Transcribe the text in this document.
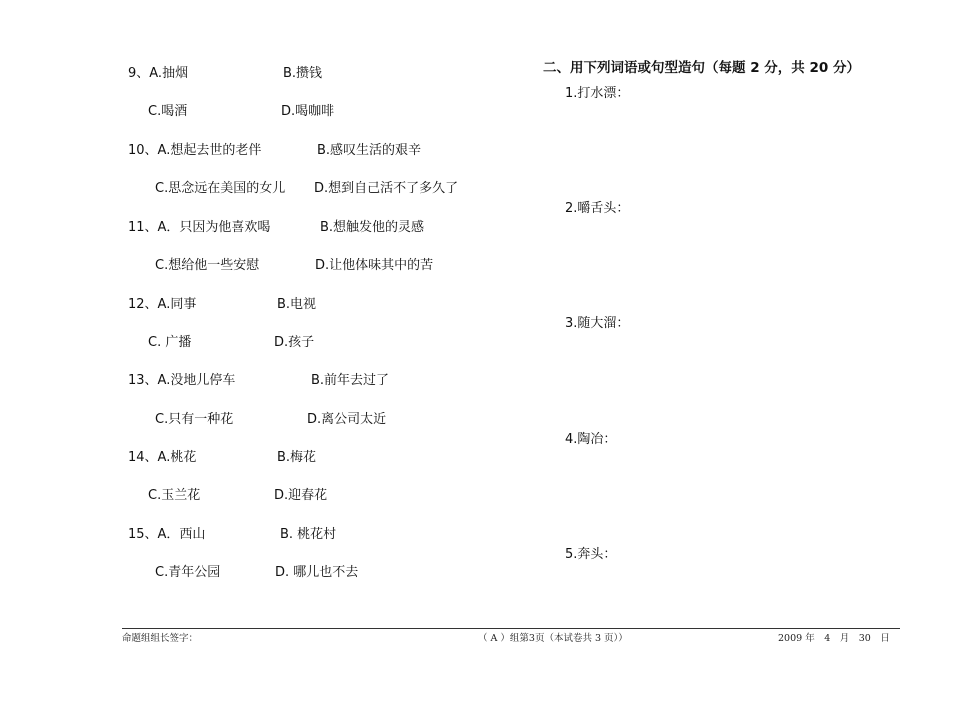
9、A.抽烟	B.攒钱
C.喝酒	D.喝咖啡
10、A.想起去世的老伴	B.感叹生活的艰辛
C.思念远在美国的女儿 D.想到自己活不了多久了
11、A．只因为他喜欢喝	B.想触发他的灵感
C.想给他一些安慰	D.让他体味其中的苦
12、A.同事	B.电视
C. 广播	D.孩子
13、A.没地儿停车	B.前年去过了
C.只有一种花	D.离公司太近
14、A.桃花	B.梅花
C.玉兰花	D.迎春花
15、A．西山	B. 桃花村
C.青年公园	D. 哪儿也不去
二、用下列词语或句型造句（每题 2 分，共 20 分）
1.打水漂：
2.嚼舌头：
3.随大溜：
4.陶冶：
5.奔头：
命题组组长签字：	（ A ）组第3页（本试卷共 3 页））	2009 年　4　月　30　日
